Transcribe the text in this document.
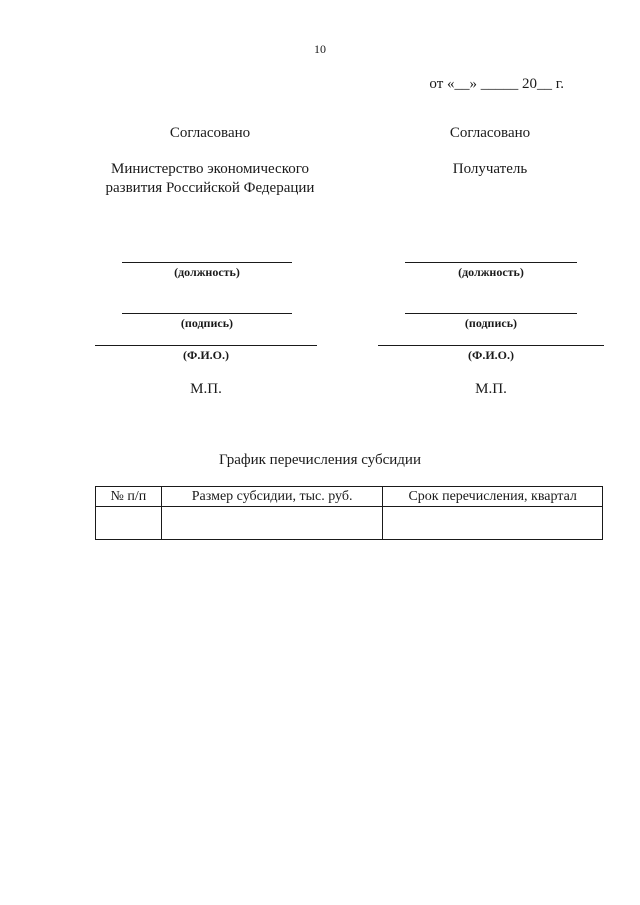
10
от «__» _____ 20__ г.
Согласовано
Министерство экономического
развития Российской Федерации
(должность)
(подпись)
(Ф.И.О.)
М.П.
Согласовано
Получатель
(должность)
(подпись)
(Ф.И.О.)
М.П.
График перечисления субсидии
№ п/п	Размер субсидии, тыс. руб.	Срок перечисления, квартал
